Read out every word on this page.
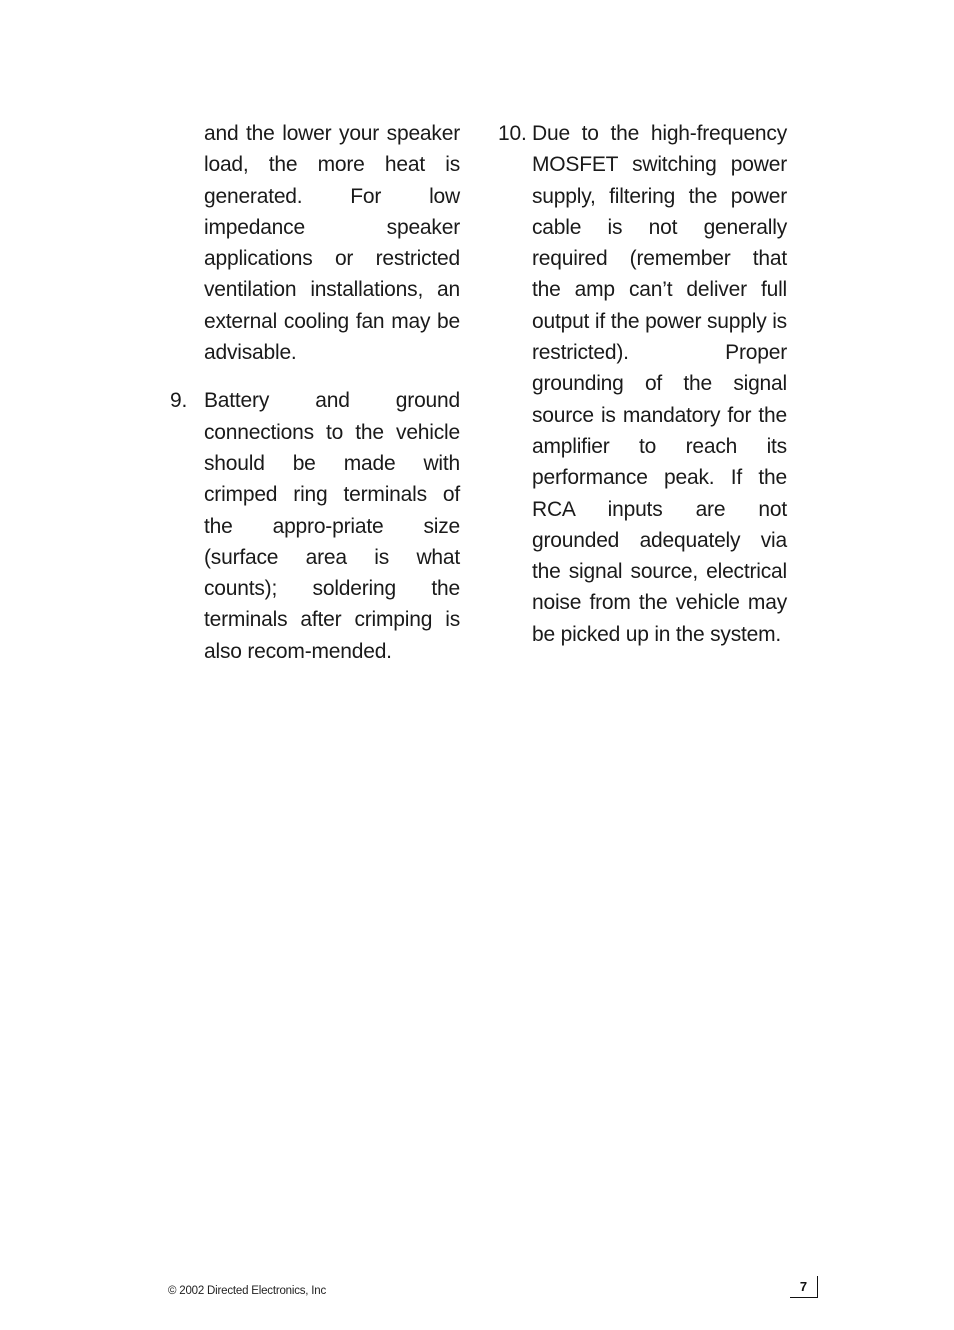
and the lower your speaker load, the more heat is generated. For low impedance speaker applications or restricted ventilation installations, an external cooling fan may be advisable.

9. Battery and ground connections to the vehicle should be made with crimped ring terminals of the appro-priate size (surface area is what counts); soldering the terminals after crimping is also recom-mended.
10. Due to the high-frequency MOSFET switching power supply, filtering the power cable is not generally required (remember that the amp can’t deliver full output if the power supply is restricted). Proper grounding of the signal source is mandatory for the amplifier to reach its performance peak. If the RCA inputs are not grounded adequately via the signal source, electrical noise from the vehicle may be picked up in the system.
© 2002 Directed Electronics, Inc	7
